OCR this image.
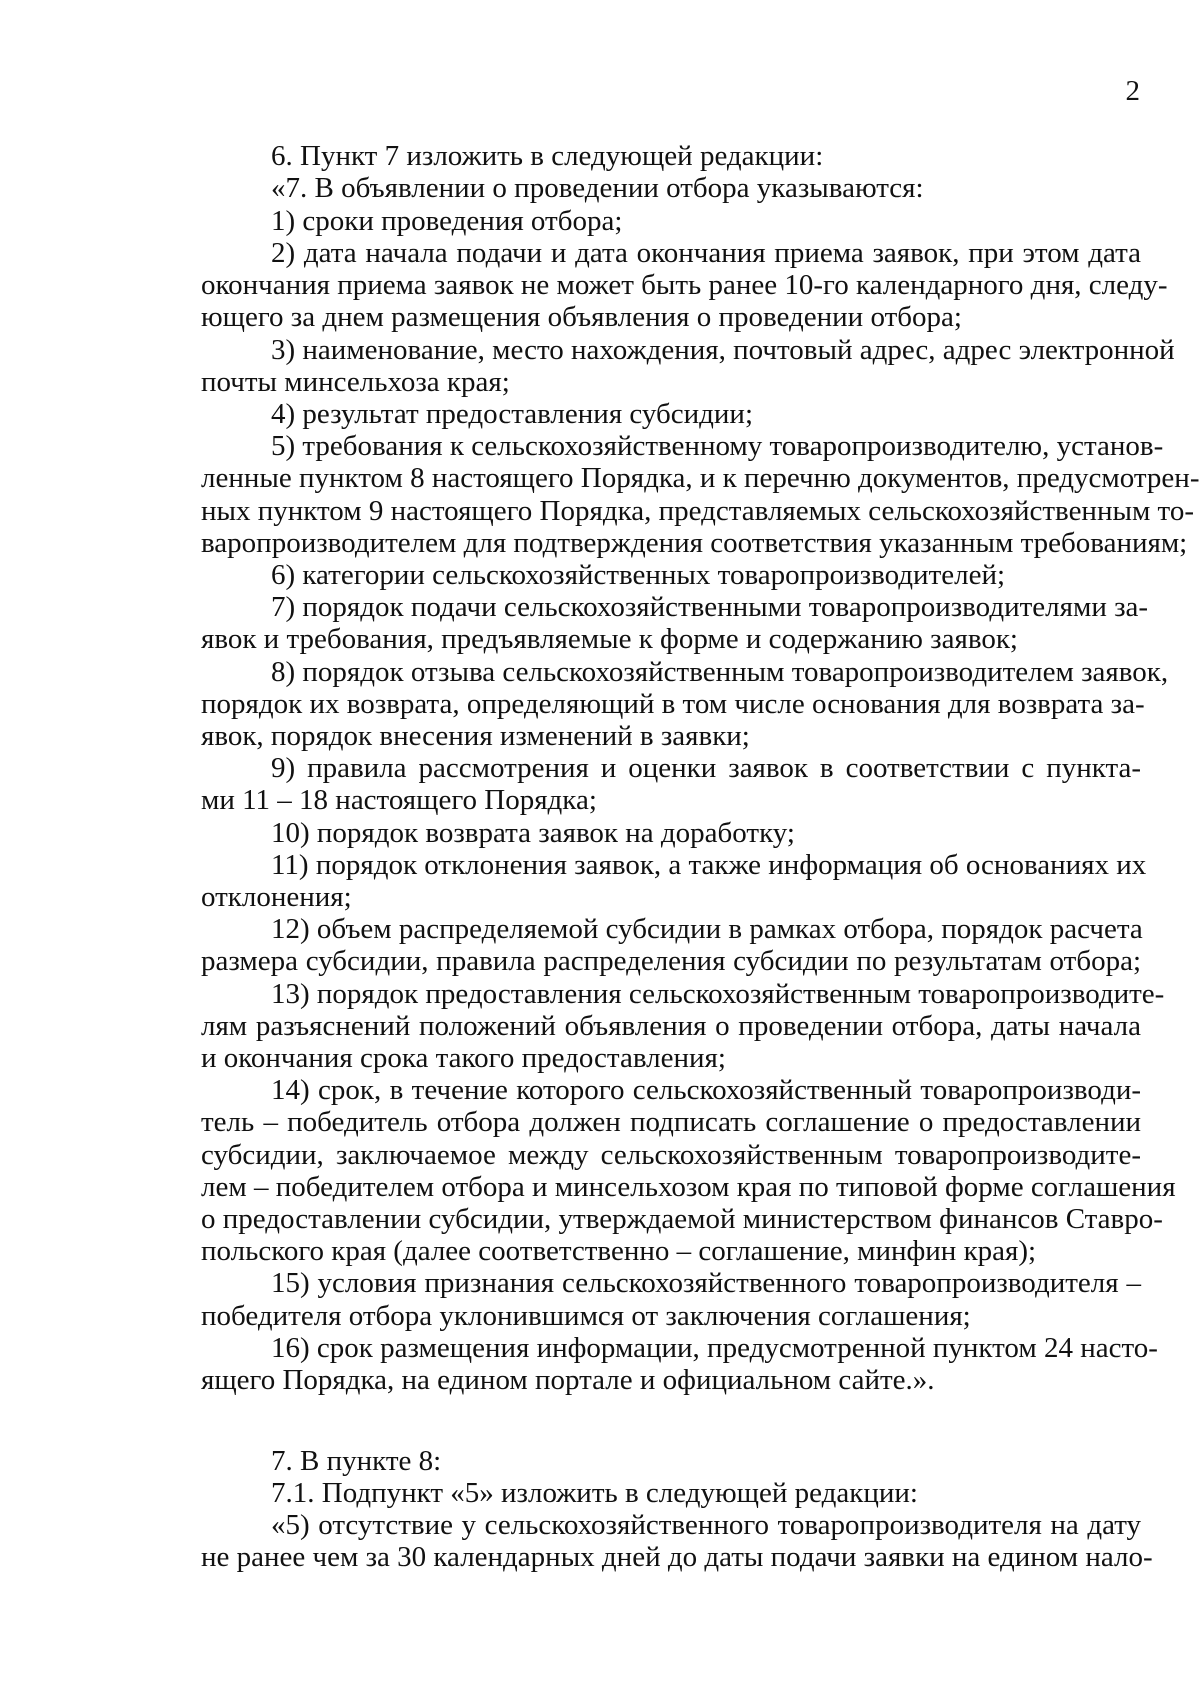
2
6. Пункт 7 изложить в следующей редакции:
«7. В объявлении о проведении отбора указываются:
1) сроки проведения отбора;
2) дата начала подачи и дата окончания приема заявок, при этом дата
окончания приема заявок не может быть ранее 10-го календарного дня, следу-
ющего за днем размещения объявления о проведении отбора;
3) наименование, место нахождения, почтовый адрес, адрес электронной
почты минсельхоза края;
4) результат предоставления субсидии;
5) требования к сельскохозяйственному товаропроизводителю, установ-
ленные пунктом 8 настоящего Порядка, и к перечню документов, предусмотрен-
ных пунктом 9 настоящего Порядка, представляемых сельскохозяйственным то-
варопроизводителем для подтверждения соответствия указанным требованиям;
6) категории сельскохозяйственных товаропроизводителей;
7) порядок подачи сельскохозяйственными товаропроизводителями за-
явок и требования, предъявляемые к форме и содержанию заявок;
8) порядок отзыва сельскохозяйственным товаропроизводителем заявок,
порядок их возврата, определяющий в том числе основания для возврата за-
явок, порядок внесения изменений в заявки;
9) правила рассмотрения и оценки заявок в соответствии с пункта-
ми 11 – 18 настоящего Порядка;
10) порядок возврата заявок на доработку;
11) порядок отклонения заявок, а также информация об основаниях их
отклонения;
12) объем распределяемой субсидии в рамках отбора, порядок расчета
размера субсидии, правила распределения субсидии по результатам отбора;
13) порядок предоставления сельскохозяйственным товаропроизводите-
лям разъяснений положений объявления о проведении отбора, даты начала
и окончания срока такого предоставления;
14) срок, в течение которого сельскохозяйственный товаропроизводи-
тель – победитель отбора должен подписать соглашение о предоставлении
субсидии, заключаемое между сельскохозяйственным товаропроизводите-
лем – победителем отбора и минсельхозом края по типовой форме соглашения
о предоставлении субсидии, утверждаемой министерством финансов Ставро-
польского края (далее соответственно – соглашение, минфин края);
15) условия признания сельскохозяйственного товаропроизводителя –
победителя отбора уклонившимся от заключения соглашения;
16) срок размещения информации, предусмотренной пунктом 24 насто-
ящего Порядка, на едином портале и официальном сайте.».
7. В пункте 8:
7.1. Подпункт «5» изложить в следующей редакции:
«5) отсутствие у сельскохозяйственного товаропроизводителя на дату
не ранее чем за 30 календарных дней до даты подачи заявки на едином нало-
